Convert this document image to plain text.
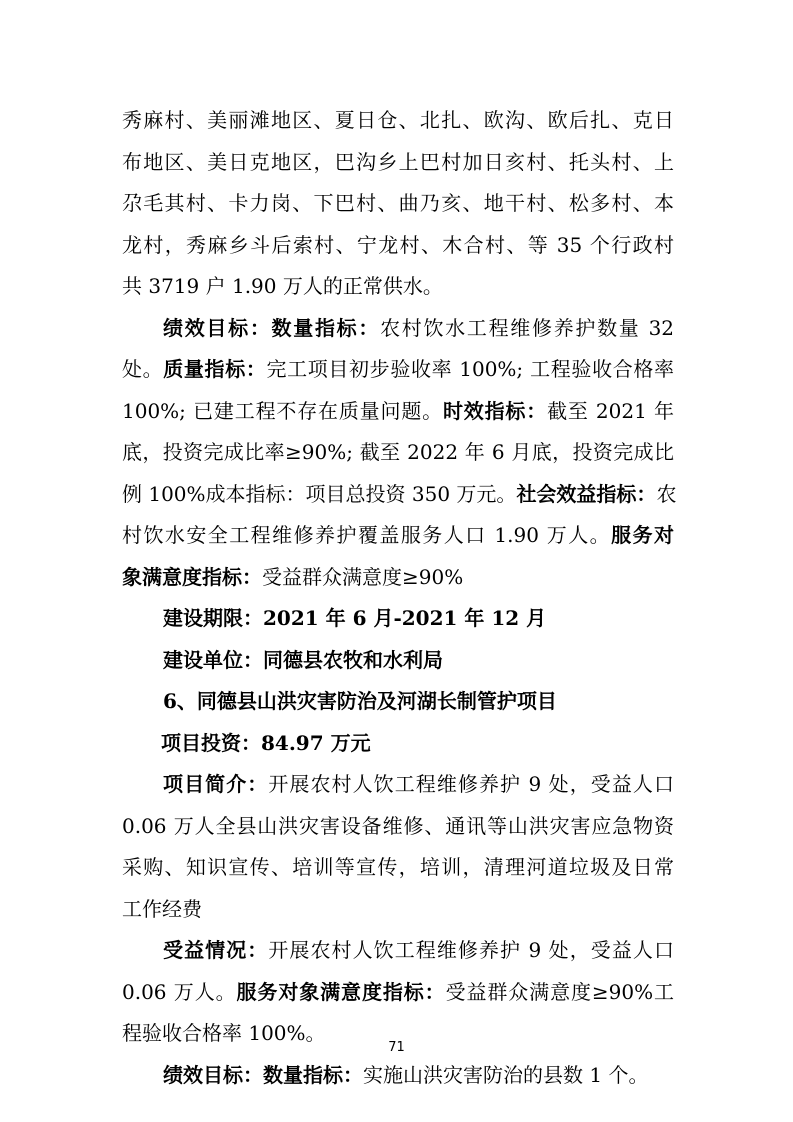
秀麻村、美丽滩地区、夏日仓、北扎、欧沟、欧后扎、克日
布地区、美日克地区，巴沟乡上巴村加日亥村、托头村、上
尕毛其村、卡力岗、下巴村、曲乃亥、地干村、松多村、本
龙村，秀麻乡斗后索村、宁龙村、木合村、等 35 个行政村
共 3719 户 1.90 万人的正常供水。
绩效目标：数量指标：农村饮水工程维修养护数量 32
处。质量指标：完工项目初步验收率 100%; 工程验收合格率
100%; 已建工程不存在质量问题。时效指标：截至 2021 年
底，投资完成比率≥90%; 截至 2022 年 6 月底，投资完成比
例 100%成本指标：项目总投资 350 万元。社会效益指标：农
村饮水安全工程维修养护覆盖服务人口 1.90 万人。服务对
象满意度指标：受益群众满意度≥90%
建设期限：2021 年 6 月-2021 年 12 月
建设单位：同德县农牧和水利局
6、同德县山洪灾害防治及河湖长制管护项目
项目投资：84.97 万元
项目简介：开展农村人饮工程维修养护 9 处，受益人口
0.06 万人全县山洪灾害设备维修、通讯等山洪灾害应急物资
采购、知识宣传、培训等宣传，培训，清理河道垃圾及日常
工作经费
受益情况：开展农村人饮工程维修养护 9 处，受益人口
0.06 万人。服务对象满意度指标：受益群众满意度≥90%工
程验收合格率 100%。
绩效目标：数量指标：实施山洪灾害防治的县数 1 个。
71
